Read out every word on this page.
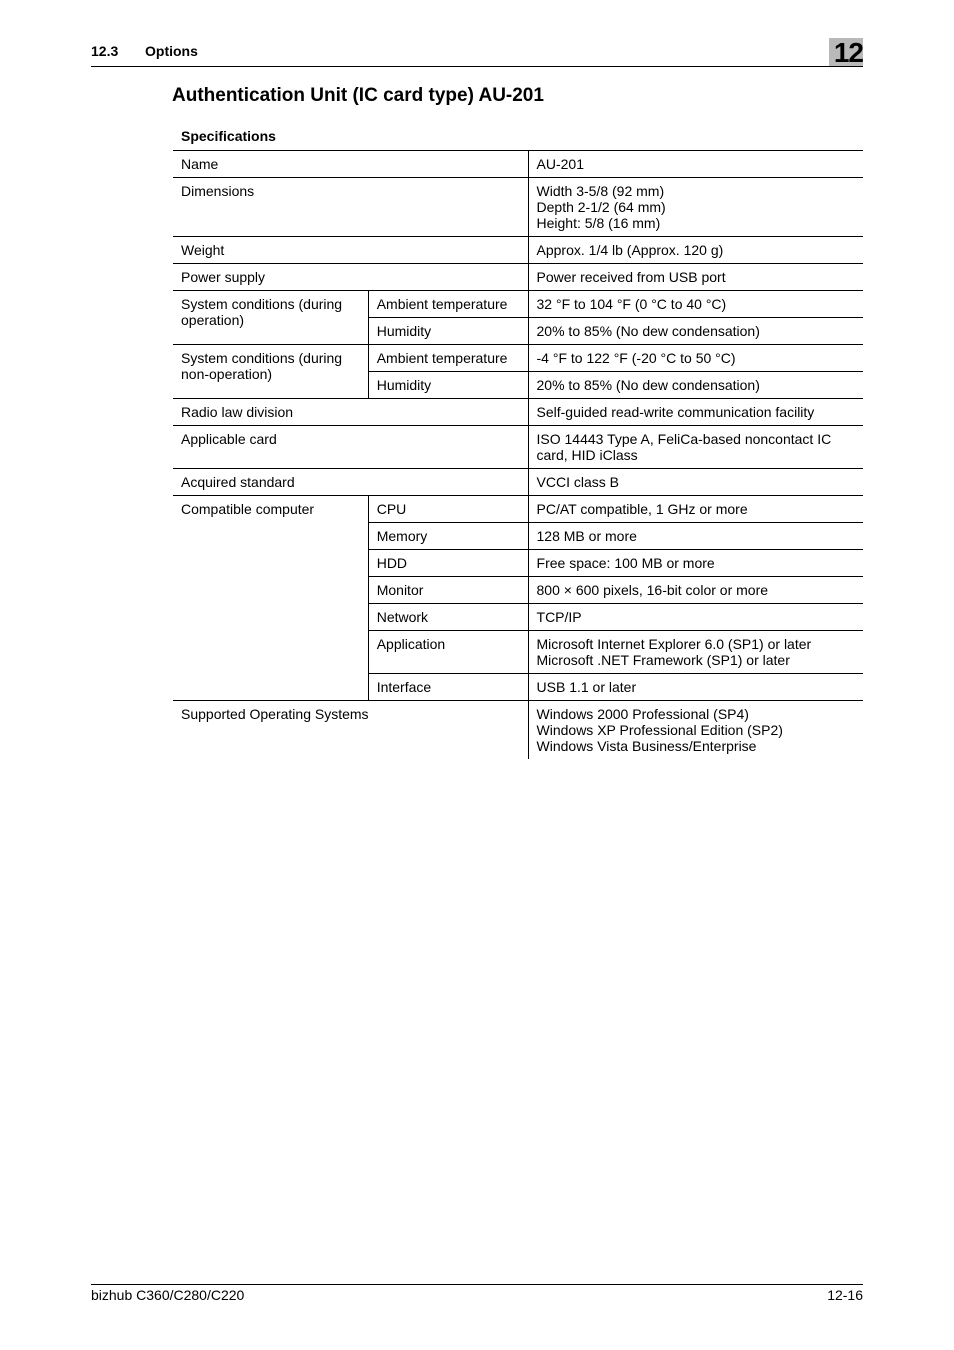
12.3 Options	12
Authentication Unit (IC card type) AU-201
Specifications
Name		AU-201
Dimensions		Width 3-5/8 (92 mm)
Depth 2-1/2 (64 mm)
Height: 5/8 (16 mm)

Weight		Approx. 1/4 lb (Approx. 120 g)
Power supply		Power received from USB port
System conditions (during operation)	Ambient temperature	32 °F to 104 °F (0 °C to 40 °C)
	Humidity	20% to 85% (No dew condensation)
System conditions (during non-operation)	Ambient temperature	-4 °F to 122 °F (-20 °C to 50 °C)
	Humidity	20% to 85% (No dew condensation)
Radio law division		Self-guided read-write communication facility
Applicable card		ISO 14443 Type A, FeliCa-based noncontact IC card, HID iClass
Acquired standard		VCCI class B
Compatible computer	CPU	PC/AT compatible, 1 GHz or more
	Memory	128 MB or more
	HDD	Free space: 100 MB or more
	Monitor	800 × 600 pixels, 16-bit color or more
	Network	TCP/IP
	Application	Microsoft Internet Explorer 6.0 (SP1) or later
Microsoft .NET Framework (SP1) or later

	Interface	USB 1.1 or later
Supported Operating Systems		Windows 2000 Professional (SP4)
Windows XP Professional Edition (SP2)
Windows Vista Business/Enterprise
bizhub C360/C280/C220	12-16
